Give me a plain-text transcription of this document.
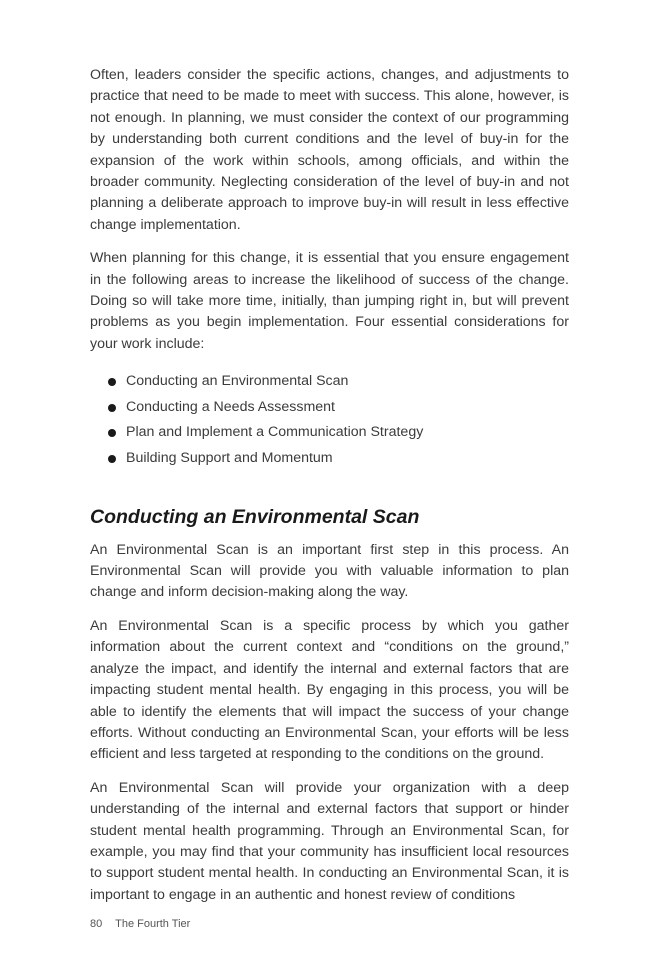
Often, leaders consider the specific actions, changes, and adjustments to practice that need to be made to meet with success. This alone, however, is not enough. In planning, we must consider the context of our programming by understanding both current conditions and the level of buy-in for the expansion of the work within schools, among officials, and within the broader community. Neglecting consideration of the level of buy-in and not planning a deliberate approach to improve buy-in will result in less effective change implementation.

When planning for this change, it is essential that you ensure engagement in the following areas to increase the likelihood of success of the change. Doing so will take more time, initially, than jumping right in, but will prevent problems as you begin implementation. Four essential considerations for your work include:

Conducting an Environmental Scan
Conducting a Needs Assessment
Plan and Implement a Communication Strategy
Building Support and Momentum
Conducting an Environmental Scan

An Environmental Scan is an important first step in this process. An Environmental Scan will provide you with valuable information to plan change and inform decision-making along the way.

An Environmental Scan is a specific process by which you gather information about the current context and “conditions on the ground,” analyze the impact, and identify the internal and external factors that are impacting student mental health. By engaging in this process, you will be able to identify the elements that will impact the success of your change efforts. Without conducting an Environmental Scan, your efforts will be less efficient and less targeted at responding to the conditions on the ground.

An Environmental Scan will provide your organization with a deep understanding of the internal and external factors that support or hinder student mental health programming. Through an Environmental Scan, for example, you may find that your community has insufficient local resources to support student mental health. In conducting an Environmental Scan, it is important to engage in an authentic and honest review of conditions

80 The Fourth Tier
